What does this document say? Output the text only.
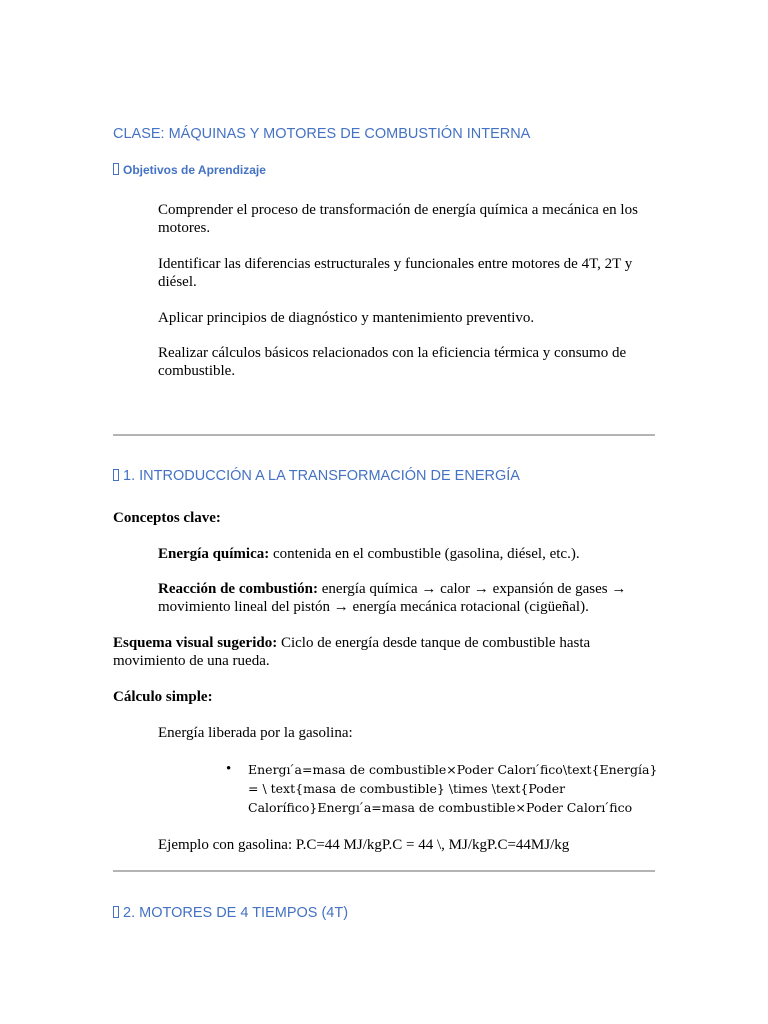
CLASE: MÁQUINAS Y MOTORES DE COMBUSTIÓN INTERNA
Objetivos de Aprendizaje
Comprender el proceso de transformación de energía química a mecánica en los motores.
Identificar las diferencias estructurales y funcionales entre motores de 4T, 2T y diésel.
Aplicar principios de diagnóstico y mantenimiento preventivo.
Realizar cálculos básicos relacionados con la eficiencia térmica y consumo de combustible.
1. INTRODUCCIÓN A LA TRANSFORMACIÓN DE ENERGÍA
Conceptos clave:
Energía química: contenida en el combustible (gasolina, diésel, etc.).
Reacción de combustión: energía química → calor → expansión de gases → movimiento lineal del pistón → energía mecánica rotacional (cigüeñal).
Esquema visual sugerido: Ciclo de energía desde tanque de combustible hasta movimiento de una rueda.
Cálculo simple:
Energía liberada por la gasolina:
• Energı ́a=masa de combustible×Poder Calorı ́fico\text{Energía} = \ text{masa de combustible} \times \text{Poder Calorífico}Energı ́a=masa de combustible×Poder Calorı ́fico
Ejemplo con gasolina: P.C=44 MJ/kgP.C = 44 \, MJ/kgP.C=44MJ/kg
2. MOTORES DE 4 TIEMPOS (4T)
